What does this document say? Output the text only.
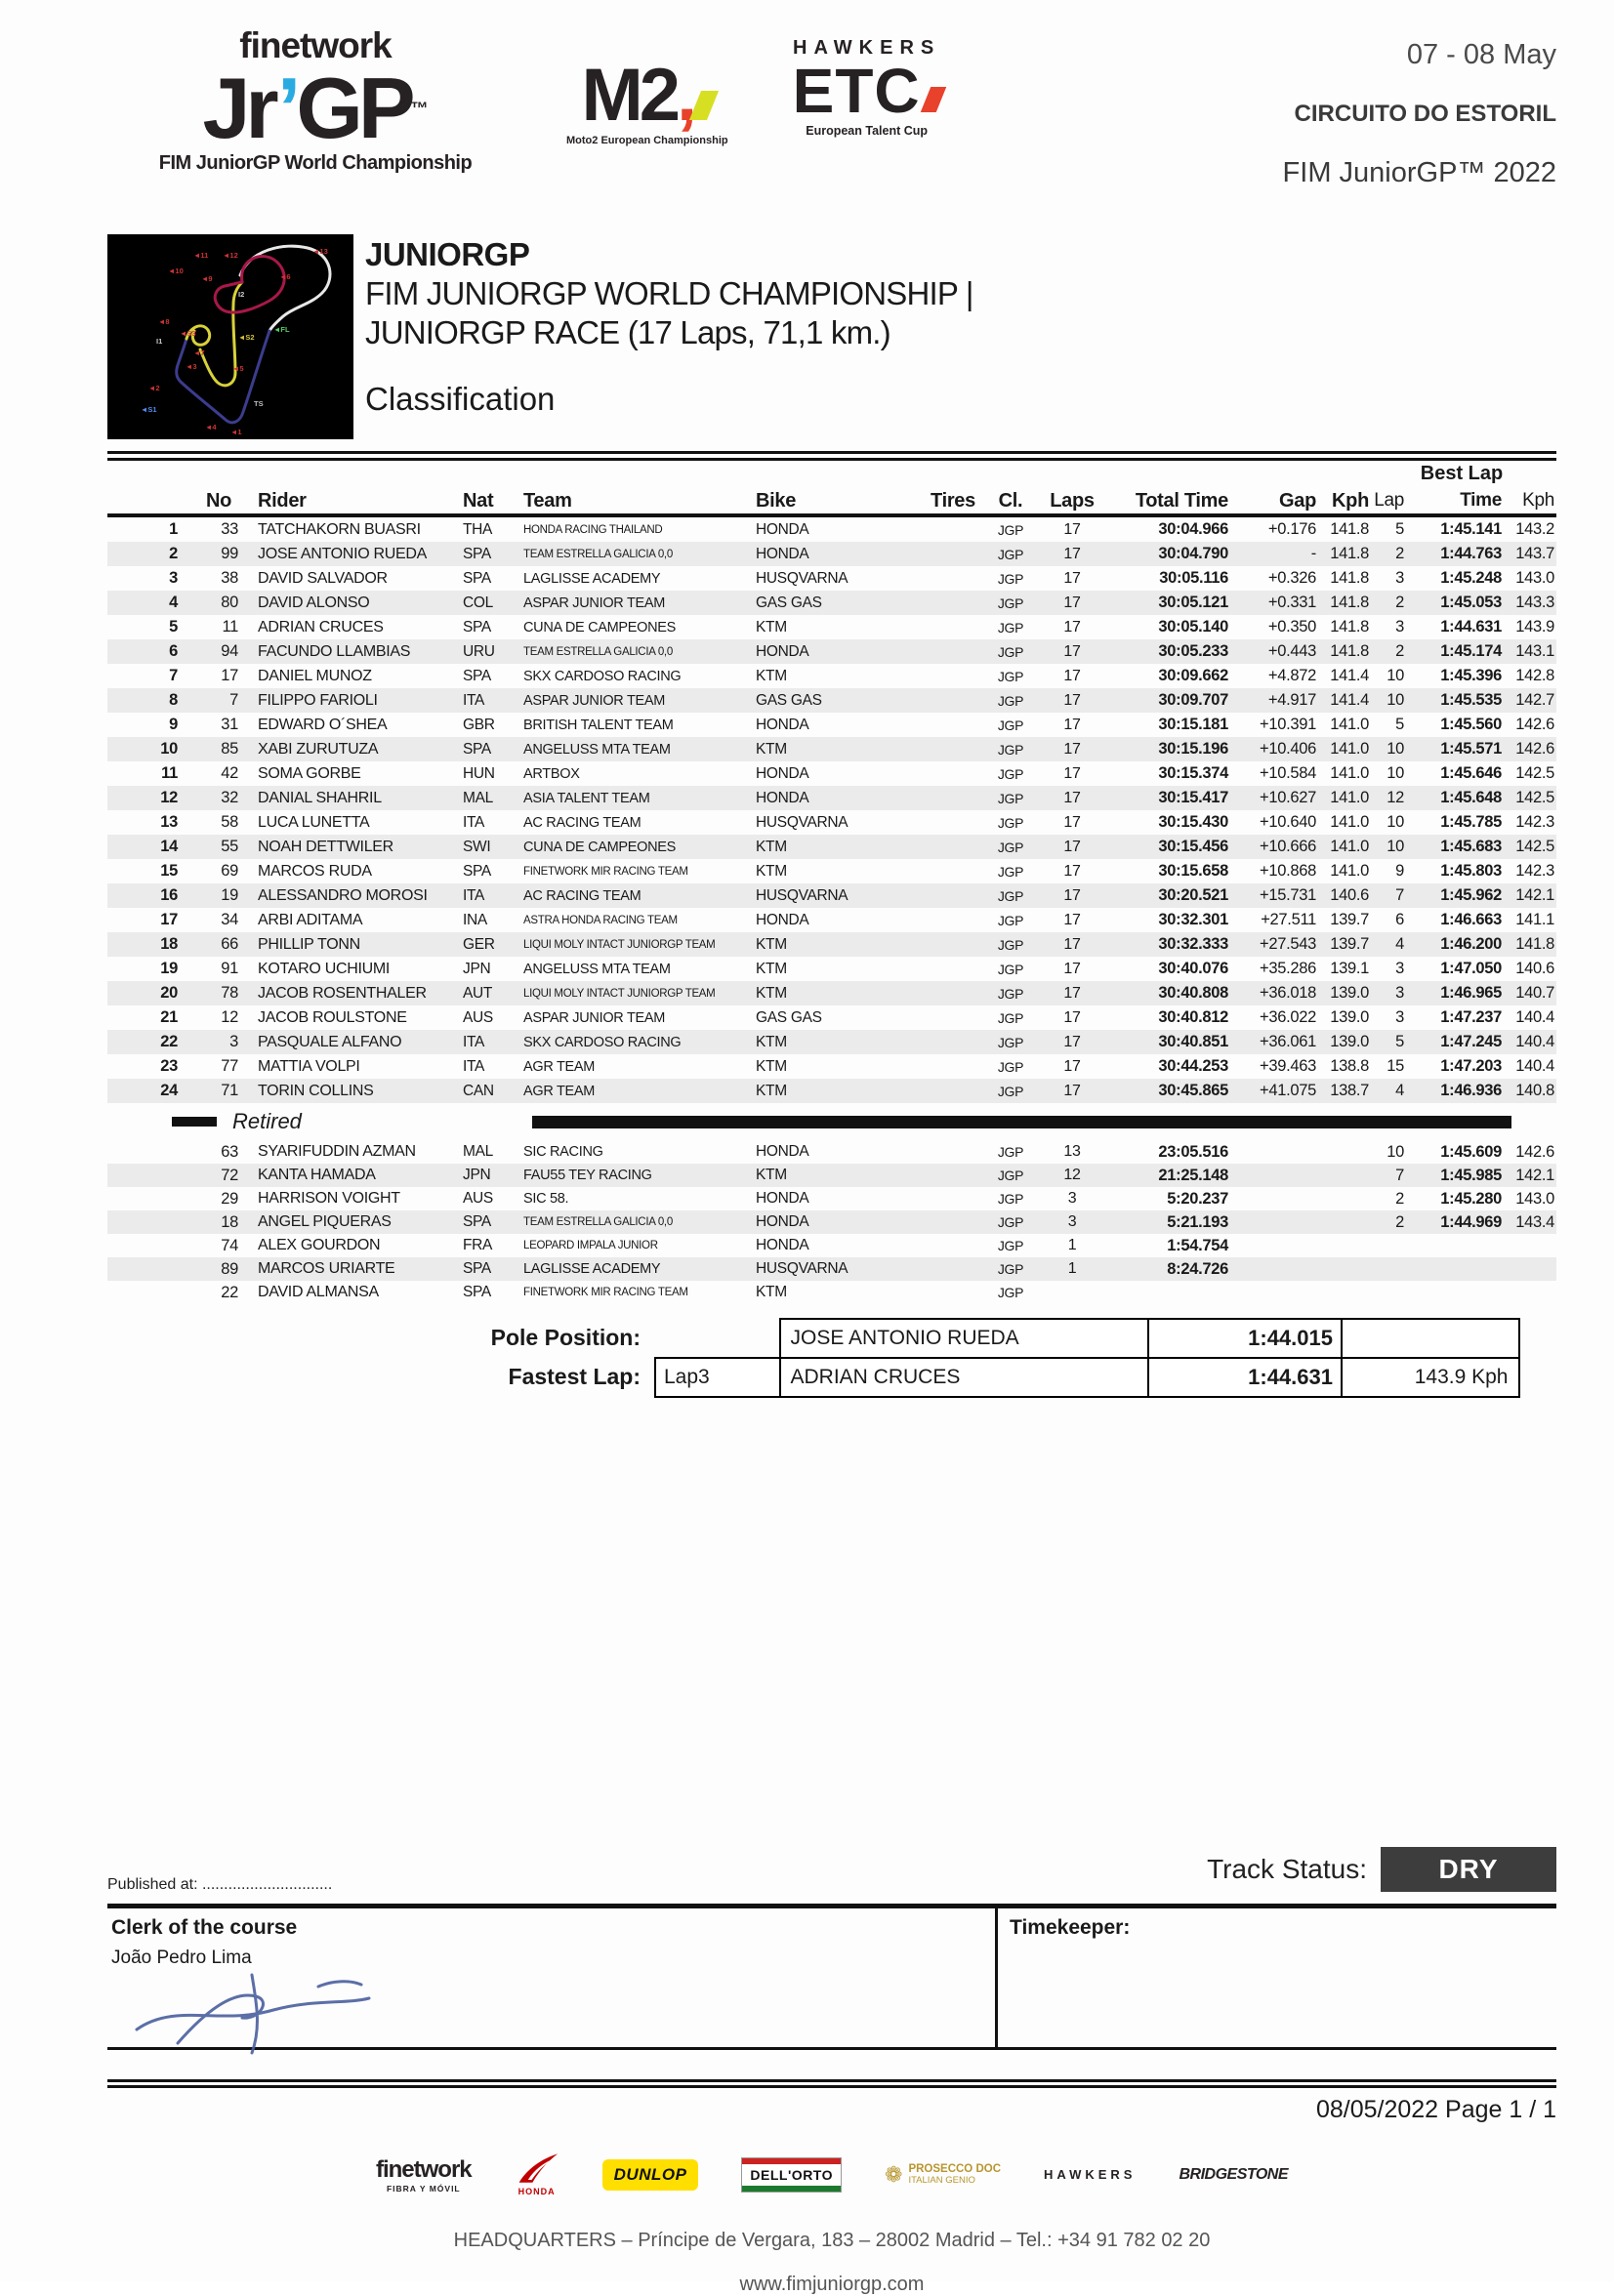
finetwork
Jr’GP™
FIM JuniorGP World Championship
M2,
Moto2 European Championship
HAWKERS
ETC
European Talent Cup
07 - 08 May
CIRCUITO DO ESTORIL
FIM JuniorGP™ 2022
◄11 ◄12	◄13
◄10
◄9	◄6
◄8
I2
◄S3	◄S2
◄FL
I1
◄7
◄3	◄5
◄2
◄S1
TS
◄4
◄1
JUNIORGP
FIM JUNIORGP WORLD CHAMPIONSHIP |
JUNIORGP RACE (17 Laps, 71,1 km.)
Classification
Best Lap
No	Rider	Nat	Team	Bike	Tires	Cl.	Laps	Total Time	Gap Kph Lap	Time	Kph
1	33	TATCHAKORN BUASRI	THA	HONDA RACING THAILAND	HONDA	JGP	17	30:04.966	+0.176 141.8	5	1:45.141 143.2
2	99	JOSE ANTONIO RUEDA	SPA	TEAM ESTRELLA GALICIA 0,0	HONDA	JGP	17	30:04.790	- 141.8	2	1:44.763 143.7
3	38	DAVID SALVADOR	SPA	LAGLISSE ACADEMY	HUSQVARNA	JGP	17	30:05.116	+0.326 141.8	3	1:45.248 143.0
4	80	DAVID ALONSO	COL	ASPAR JUNIOR TEAM	GAS GAS	JGP	17	30:05.121	+0.331 141.8	2	1:45.053 143.3
5	11	ADRIAN CRUCES	SPA	CUNA DE CAMPEONES	KTM	JGP	17	30:05.140	+0.350 141.8	3	1:44.631 143.9
6	94	FACUNDO LLAMBIAS	URU	TEAM ESTRELLA GALICIA 0,0	HONDA	JGP	17	30:05.233	+0.443 141.8	2	1:45.174 143.1
7	17	DANIEL MUNOZ	SPA	SKX CARDOSO RACING	KTM	JGP	17	30:09.662	+4.872 141.4	10	1:45.396 142.8
8	7	FILIPPO FARIOLI	ITA	ASPAR JUNIOR TEAM	GAS GAS	JGP	17	30:09.707	+4.917 141.4	10	1:45.535 142.7
9	31	EDWARD O´SHEA	GBR	BRITISH TALENT TEAM	HONDA	JGP	17	30:15.181	+10.391 141.0	5	1:45.560 142.6
10	85	XABI ZURUTUZA	SPA	ANGELUSS MTA TEAM	KTM	JGP	17	30:15.196	+10.406 141.0	10	1:45.571 142.6
11	42	SOMA GORBE	HUN	ARTBOX	HONDA	JGP	17	30:15.374	+10.584 141.0	10	1:45.646 142.5
12	32	DANIAL SHAHRIL	MAL	ASIA TALENT TEAM	HONDA	JGP	17	30:15.417	+10.627 141.0	12	1:45.648 142.5
13	58	LUCA LUNETTA	ITA	AC RACING TEAM	HUSQVARNA	JGP	17	30:15.430	+10.640 141.0	10	1:45.785 142.3
14	55	NOAH DETTWILER	SWI	CUNA DE CAMPEONES	KTM	JGP	17	30:15.456	+10.666 141.0	10	1:45.683 142.5
15	69	MARCOS RUDA	SPA	FINETWORK MIR RACING TEAM	KTM	JGP	17	30:15.658	+10.868 141.0	9	1:45.803 142.3
16	19	ALESSANDRO MOROSI	ITA	AC RACING TEAM	HUSQVARNA	JGP	17	30:20.521	+15.731 140.6	7	1:45.962 142.1
17	34	ARBI ADITAMA	INA	ASTRA HONDA RACING TEAM	HONDA	JGP	17	30:32.301	+27.511 139.7	6	1:46.663 141.1
18	66	PHILLIP TONN	GER	LIQUI MOLY INTACT JUNIORGP TEAM	KTM	JGP	17	30:32.333	+27.543 139.7	4	1:46.200 141.8
19	91	KOTARO UCHIUMI	JPN	ANGELUSS MTA TEAM	KTM	JGP	17	30:40.076	+35.286 139.1	3	1:47.050 140.6
20	78	JACOB ROSENTHALER	AUT	LIQUI MOLY INTACT JUNIORGP TEAM	KTM	JGP	17	30:40.808	+36.018 139.0	3	1:46.965 140.7
21	12	JACOB ROULSTONE	AUS	ASPAR JUNIOR TEAM	GAS GAS	JGP	17	30:40.812	+36.022 139.0	3	1:47.237 140.4
22	3	PASQUALE ALFANO	ITA	SKX CARDOSO RACING	KTM	JGP	17	30:40.851	+36.061 139.0	5	1:47.245 140.4
23	77	MATTIA VOLPI	ITA	AGR TEAM	KTM	JGP	17	30:44.253	+39.463 138.8	15	1:47.203 140.4
24	71	TORIN COLLINS	CAN	AGR TEAM	KTM	JGP	17	30:45.865	+41.075 138.7	4	1:46.936 140.8
Retired
63	SYARIFUDDIN AZMAN	MAL	SIC RACING	HONDA	JGP	13	23:05.516	10	1:45.609 142.6
72	KANTA HAMADA	JPN	FAU55 TEY RACING	KTM	JGP	12	21:25.148	7	1:45.985 142.1
29	HARRISON VOIGHT	AUS	SIC 58.	HONDA	JGP	3	5:20.237	2	1:45.280 143.0
18	ANGEL PIQUERAS	SPA	TEAM ESTRELLA GALICIA 0,0	HONDA	JGP	3	5:21.193	2	1:44.969 143.4
74	ALEX GOURDON	FRA	LEOPARD IMPALA JUNIOR	HONDA	JGP	1	1:54.754
89	MARCOS URIARTE	SPA	LAGLISSE ACADEMY	HUSQVARNA	JGP	1	8:24.726
22	DAVID ALMANSA	SPA	FINETWORK MIR RACING TEAM	KTM	JGP
Pole Position:	JOSE ANTONIO RUEDA	1:44.015
Fastest Lap:	Lap3	ADRIAN CRUCES	1:44.631	143.9 Kph
Published at: ..............................
Track Status:	DRY
Clerk of the course
João Pedro Lima
Timekeeper:
08/05/2022 Page 1 / 1
finetwork
FIBRA Y MÓVIL	HONDA
DUNLOP	DELL'ORTO ❁ PROSECCO DOC
ITALIAN GENIO	HAWKERS	BRIDGESTONE
HEADQUARTERS – Príncipe de Vergara, 183 – 28002 Madrid – Tel.: +34 91 782 02 20
www.fimjuniorgp.com
